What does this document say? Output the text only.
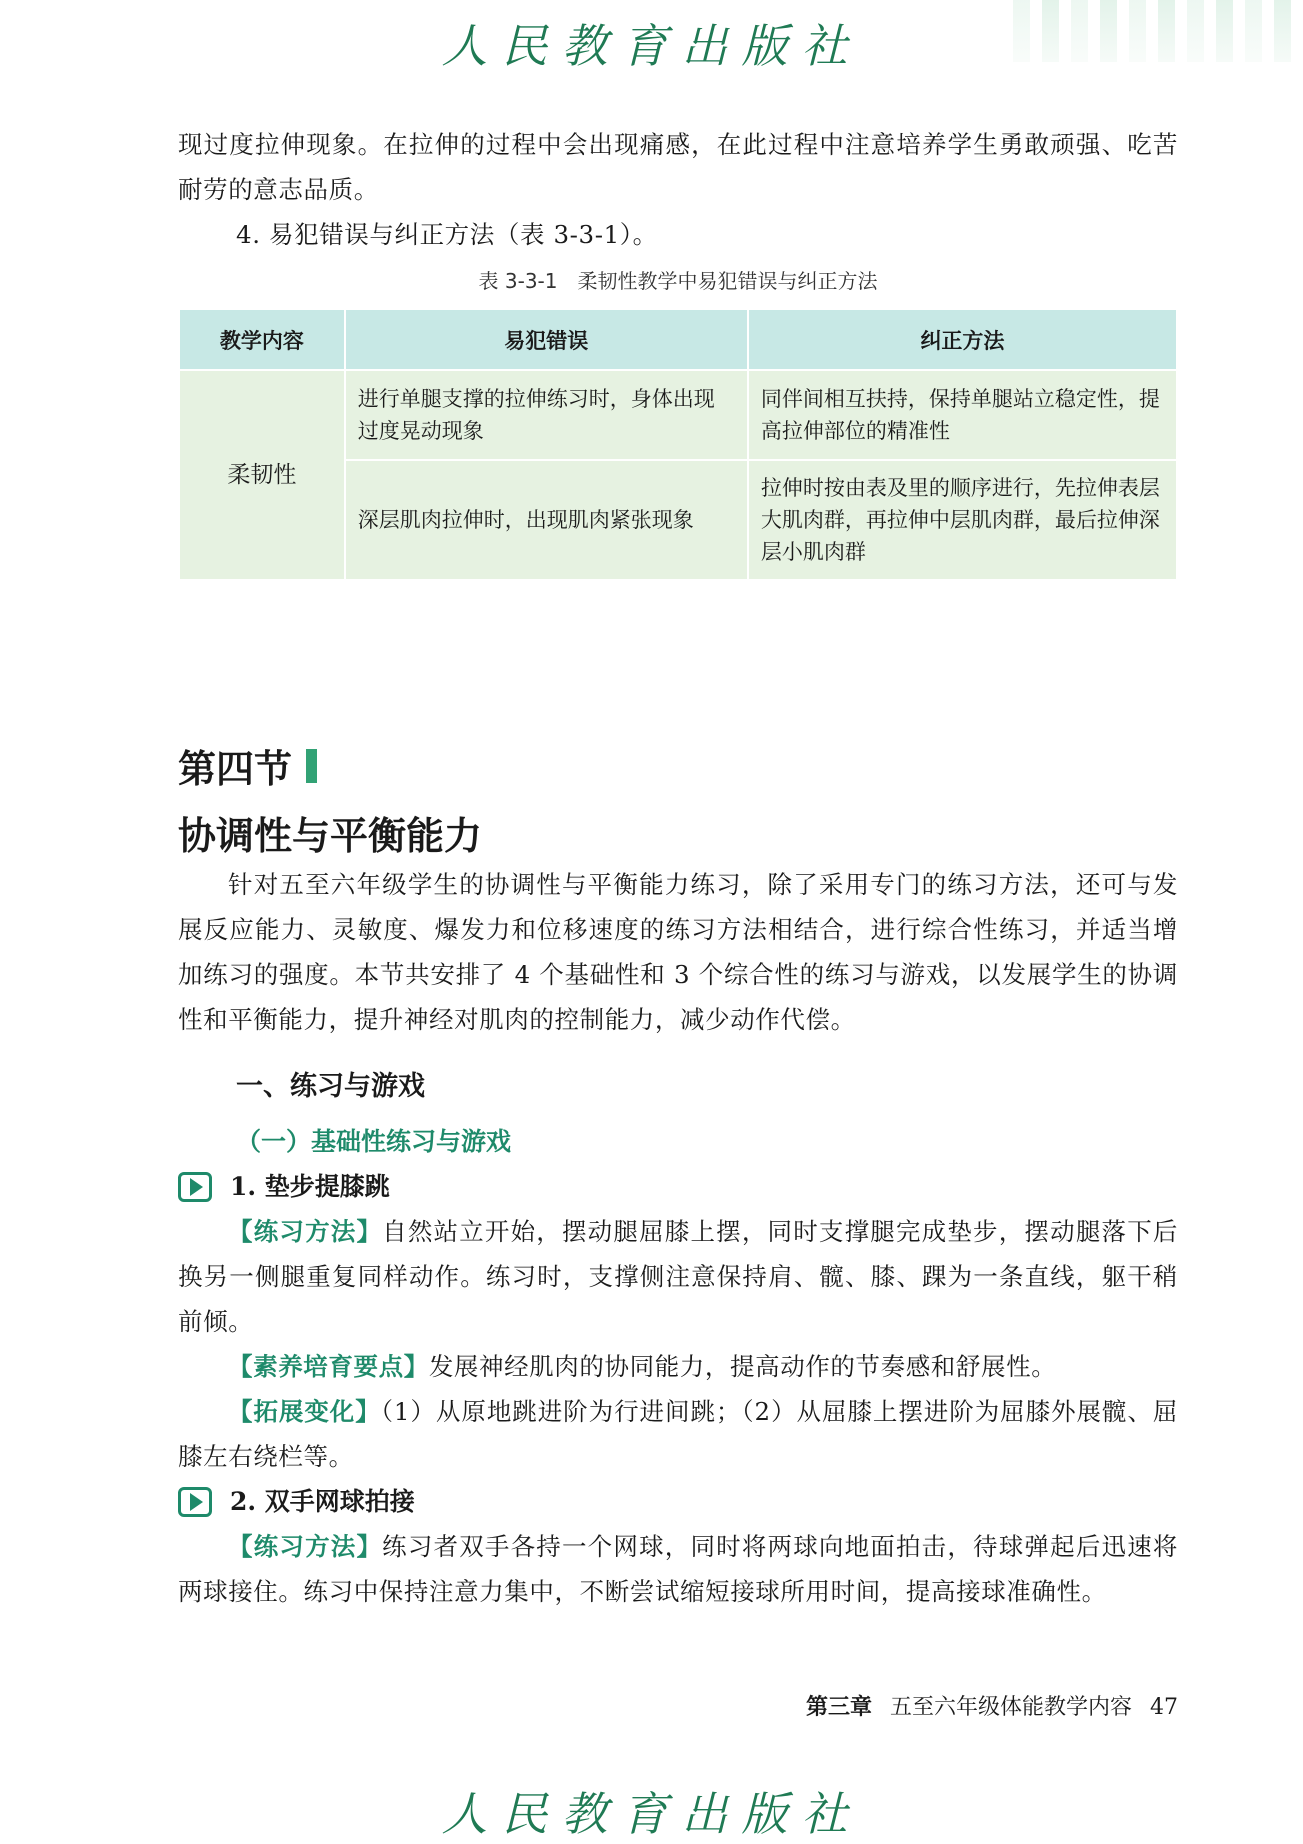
人民教育出版社

现过度拉伸现象。在拉伸的过程中会出现痛感，在此过程中注意培养学生勇敢顽强、吃苦耐劳的意志品质。

4. 易犯错误与纠正方法（表 3-3-1）。
表 3-3-1　柔韧性教学中易犯错误与纠正方法
教学内容	易犯错误	纠正方法
柔韧性	进行单腿支撑的拉伸练习时，身体出现过度晃动现象	同伴间相互扶持，保持单腿站立稳定性，提高拉伸部位的精准性
	深层肌肉拉伸时，出现肌肉紧张现象	拉伸时按由表及里的顺序进行，先拉伸表层大肌肉群，再拉伸中层肌肉群，最后拉伸深层小肌肉群
第四节
协调性与平衡能力

针对五至六年级学生的协调性与平衡能力练习，除了采用专门的练习方法，还可与发展反应能力、灵敏度、爆发力和位移速度的练习方法相结合，进行综合性练习，并适当增加练习的强度。本节共安排了 4 个基础性和 3 个综合性的练习与游戏，以发展学生的协调性和平衡能力，提升神经对肌肉的控制能力，减少动作代偿。

一、练习与游戏
（一）基础性练习与游戏
1. 垫步提膝跳

【练习方法】自然站立开始，摆动腿屈膝上摆，同时支撑腿完成垫步，摆动腿落下后换另一侧腿重复同样动作。练习时，支撑侧注意保持肩、髋、膝、踝为一条直线，躯干稍前倾。

【素养培育要点】发展神经肌肉的协同能力，提高动作的节奏感和舒展性。

【拓展变化】（1）从原地跳进阶为行进间跳；（2）从屈膝上摆进阶为屈膝外展髋、屈膝左右绕栏等。

2. 双手网球拍接

【练习方法】练习者双手各持一个网球，同时将两球向地面拍击，待球弹起后迅速将两球接住。练习中保持注意力集中，不断尝试缩短接球所用时间，提高接球准确性。

第三章 五至六年级体能教学内容 47
人民教育出版社
